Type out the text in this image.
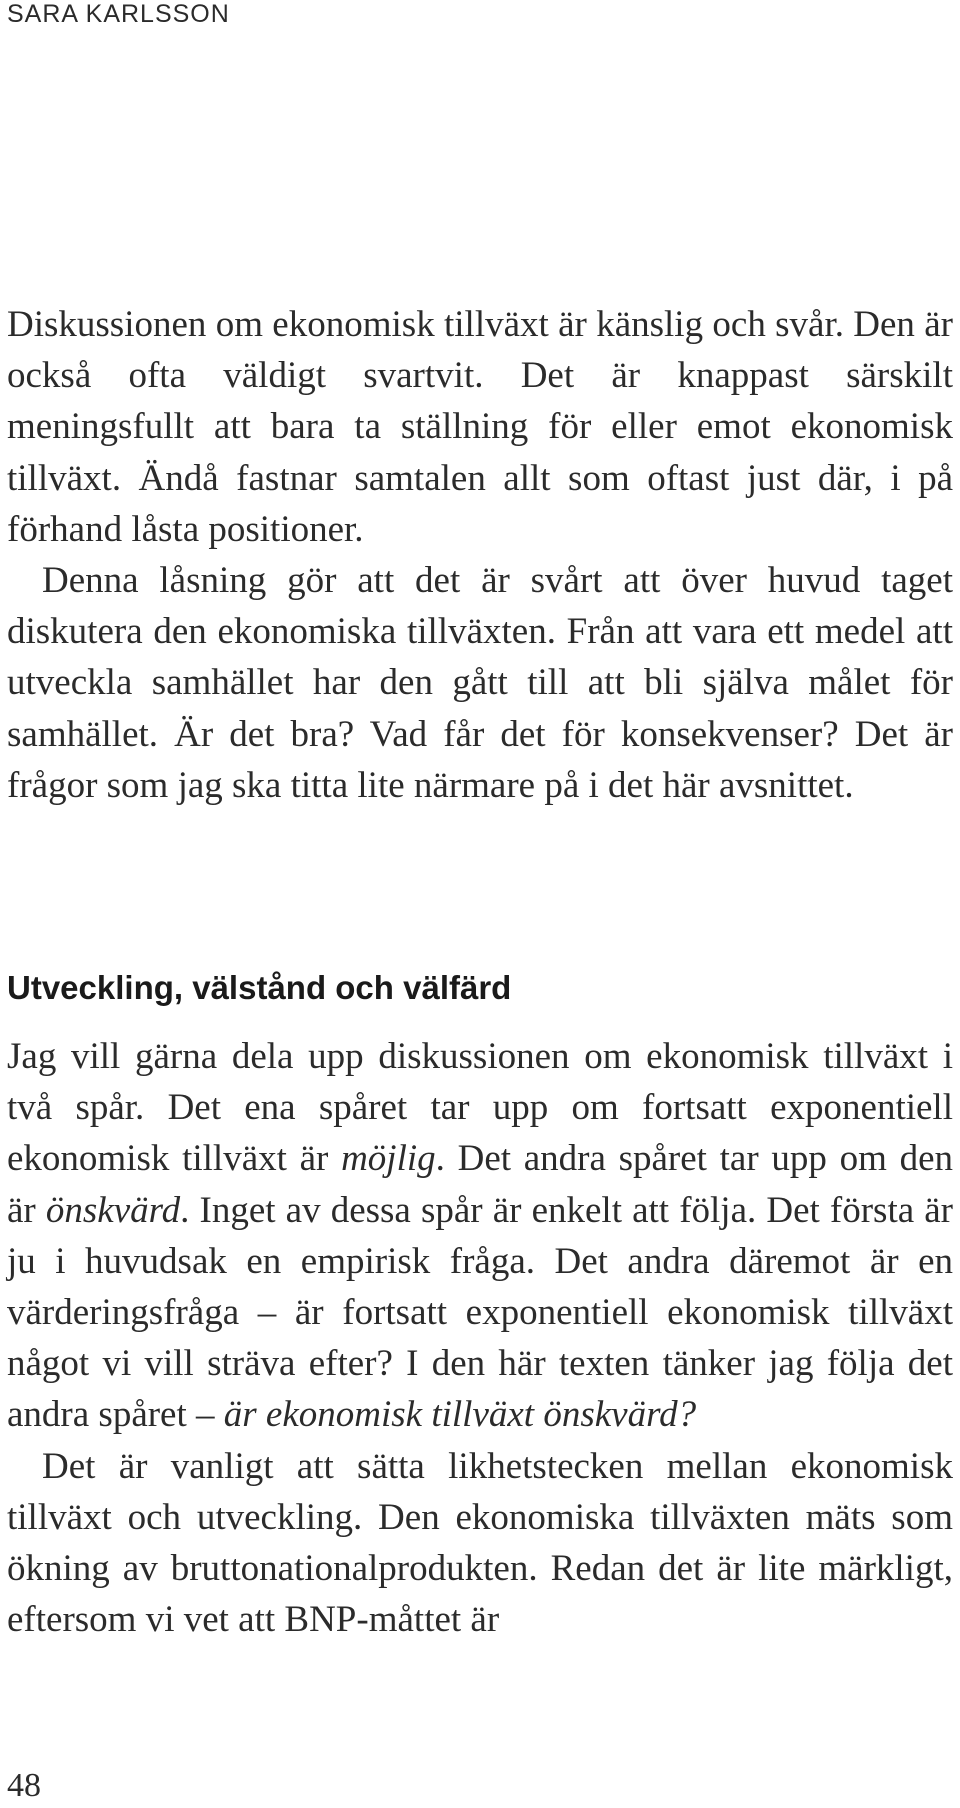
SARA KARLSSON

Diskussionen om ekonomisk tillväxt är känslig och svår. Den är också ofta väldigt svartvit. Det är knappast särskilt meningsfullt att bara ta ställning för eller emot ekonomisk tillväxt. Ändå fastnar samtalen allt som oftast just där, i på förhand låsta positioner.

Denna låsning gör att det är svårt att över huvud taget diskutera den ekonomiska tillväxten. Från att vara ett medel att utveckla samhället har den gått till att bli själva målet för samhället. Är det bra? Vad får det för konsekvenser? Det är frågor som jag ska titta lite närmare på i det här avsnittet.

Utveckling, välstånd och välfärd

Jag vill gärna dela upp diskussionen om ekonomisk tillväxt i två spår. Det ena spåret tar upp om fortsatt exponentiell ekonomisk tillväxt är möjlig. Det andra spåret tar upp om den är önskvärd. Inget av dessa spår är enkelt att följa. Det första är ju i huvudsak en empirisk fråga. Det andra däremot är en värderingsfråga – är fortsatt exponentiell ekonomisk tillväxt något vi vill sträva efter? I den här texten tänker jag följa det andra spåret – är ekonomisk tillväxt önskvärd?

Det är vanligt att sätta likhetstecken mellan ekonomisk tillväxt och utveckling. Den ekonomiska tillväxten mäts som ökning av bruttonationalprodukten. Redan det är lite märkligt, eftersom vi vet att BNP-måttet är

48
